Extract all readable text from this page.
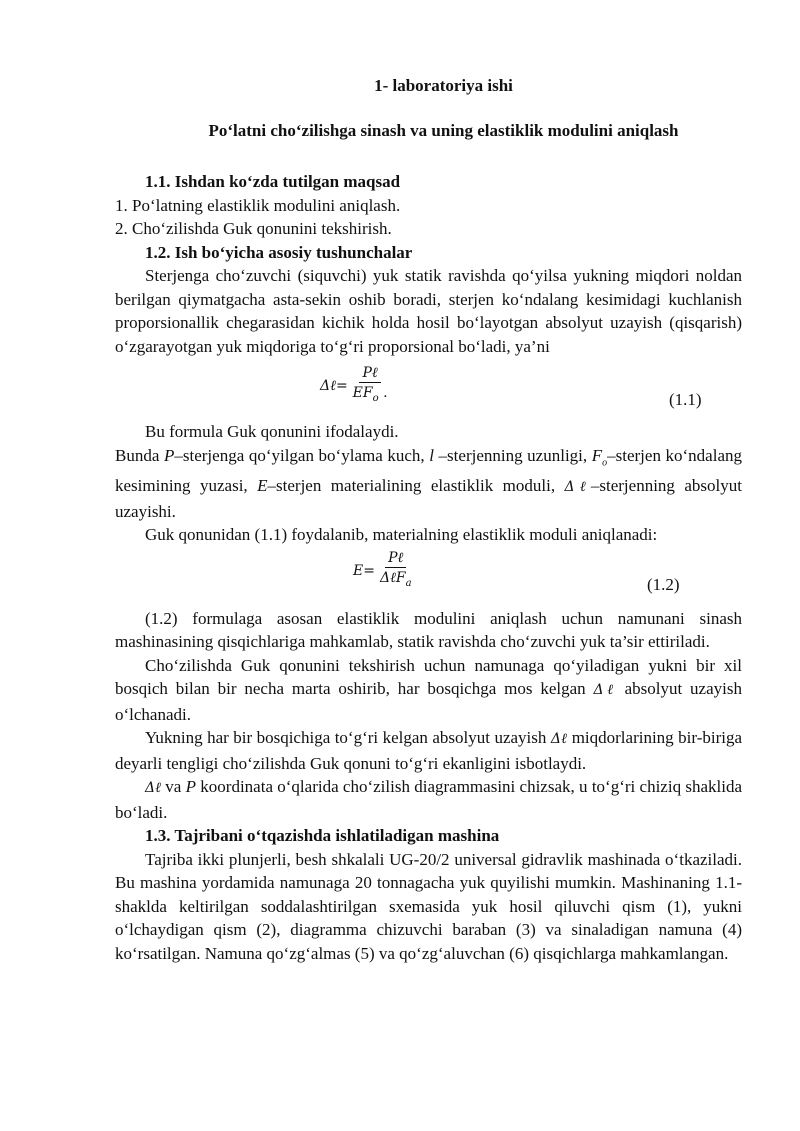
1- laboratoriya ishi
Po‘latni cho‘zilishga sinash va uning elastiklik modulini aniqlash

1.1. Ishdan ko‘zda tutilgan maqsad

1. Po‘latning elastiklik modulini aniqlash.

2. Cho‘zilishda Guk qonunini tekshirish.

1.2. Ish bo‘yicha asosiy tushunchalar

Sterjenga cho‘zuvchi (siquvchi) yuk statik ravishda qo‘yilsa yukning miqdori noldan berilgan qiymatgacha asta-sekin oshib boradi, sterjen ko‘ndalang kesimidagi kuchlanish proporsionallik chegarasidan kichik holda hosil bo‘layotgan absolyut uzayish (qisqarish) o‘zgarayotgan yuk miqdoriga to‘g‘ri proporsional bo‘ladi, ya’ni

Δℓ= $\frac{\text{Pℓ}}{EF_o .}$	(1.1)

Bu formula Guk qonunini ifodalaydi.

Bunda P–sterjenga qo‘yilgan bo‘ylama kuch, l –sterjenning uzunligi, $F_o$–sterjen ko‘ndalang kesimining yuzasi, E–sterjen materialining elastiklik moduli, Δℓ–sterjenning absolyut uzayishi.

Guk qonunidan (1.1) foydalanib, materialning elastiklik moduli aniqlanadi:

$E= \frac{\text{Pℓ}}{\Delta\ell F_a}$	(1.2)

(1.2) formulaga asosan elastiklik modulini aniqlash uchun namunani sinash mashinasining qisqichlariga mahkamlab, statik ravishda cho‘zuvchi yuk ta’sir ettiriladi.

Cho‘zilishda Guk qonunini tekshirish uchun namunaga qo‘yiladigan yukni bir xil bosqich bilan bir necha marta oshirib, har bosqichga mos kelgan Δℓ absolyut uzayish o‘lchanadi.

Yukning har bir bosqichiga to‘g‘ri kelgan absolyut uzayish Δℓ miqdorlarining bir-biriga deyarli tengligi cho‘zilishda Guk qonuni to‘g‘ri ekanligini isbotlaydi.

Δℓ va P koordinata o‘qlarida cho‘zilish diagrammasini chizsak, u to‘g‘ri chiziq shaklida bo‘ladi.

1.3. Tajribani o‘tqazishda ishlatiladigan mashina

Tajriba ikki plunjerli, besh shkalali UG-20/2 universal gidravlik mashinada o‘tkaziladi. Bu mashina yordamida namunaga 20 tonnagacha yuk quyilishi mumkin. Mashinaning 1.1-shaklda keltirilgan soddalashtirilgan sxemasida yuk hosil qiluvchi qism (1), yukni o‘lchaydigan qism (2), diagramma chizuvchi baraban (3) va sinaladigan namuna (4) ko‘rsatilgan. Namuna qo‘zg‘almas (5) va qo‘zg‘aluvchan (6) qisqichlarga mahkamlangan.
